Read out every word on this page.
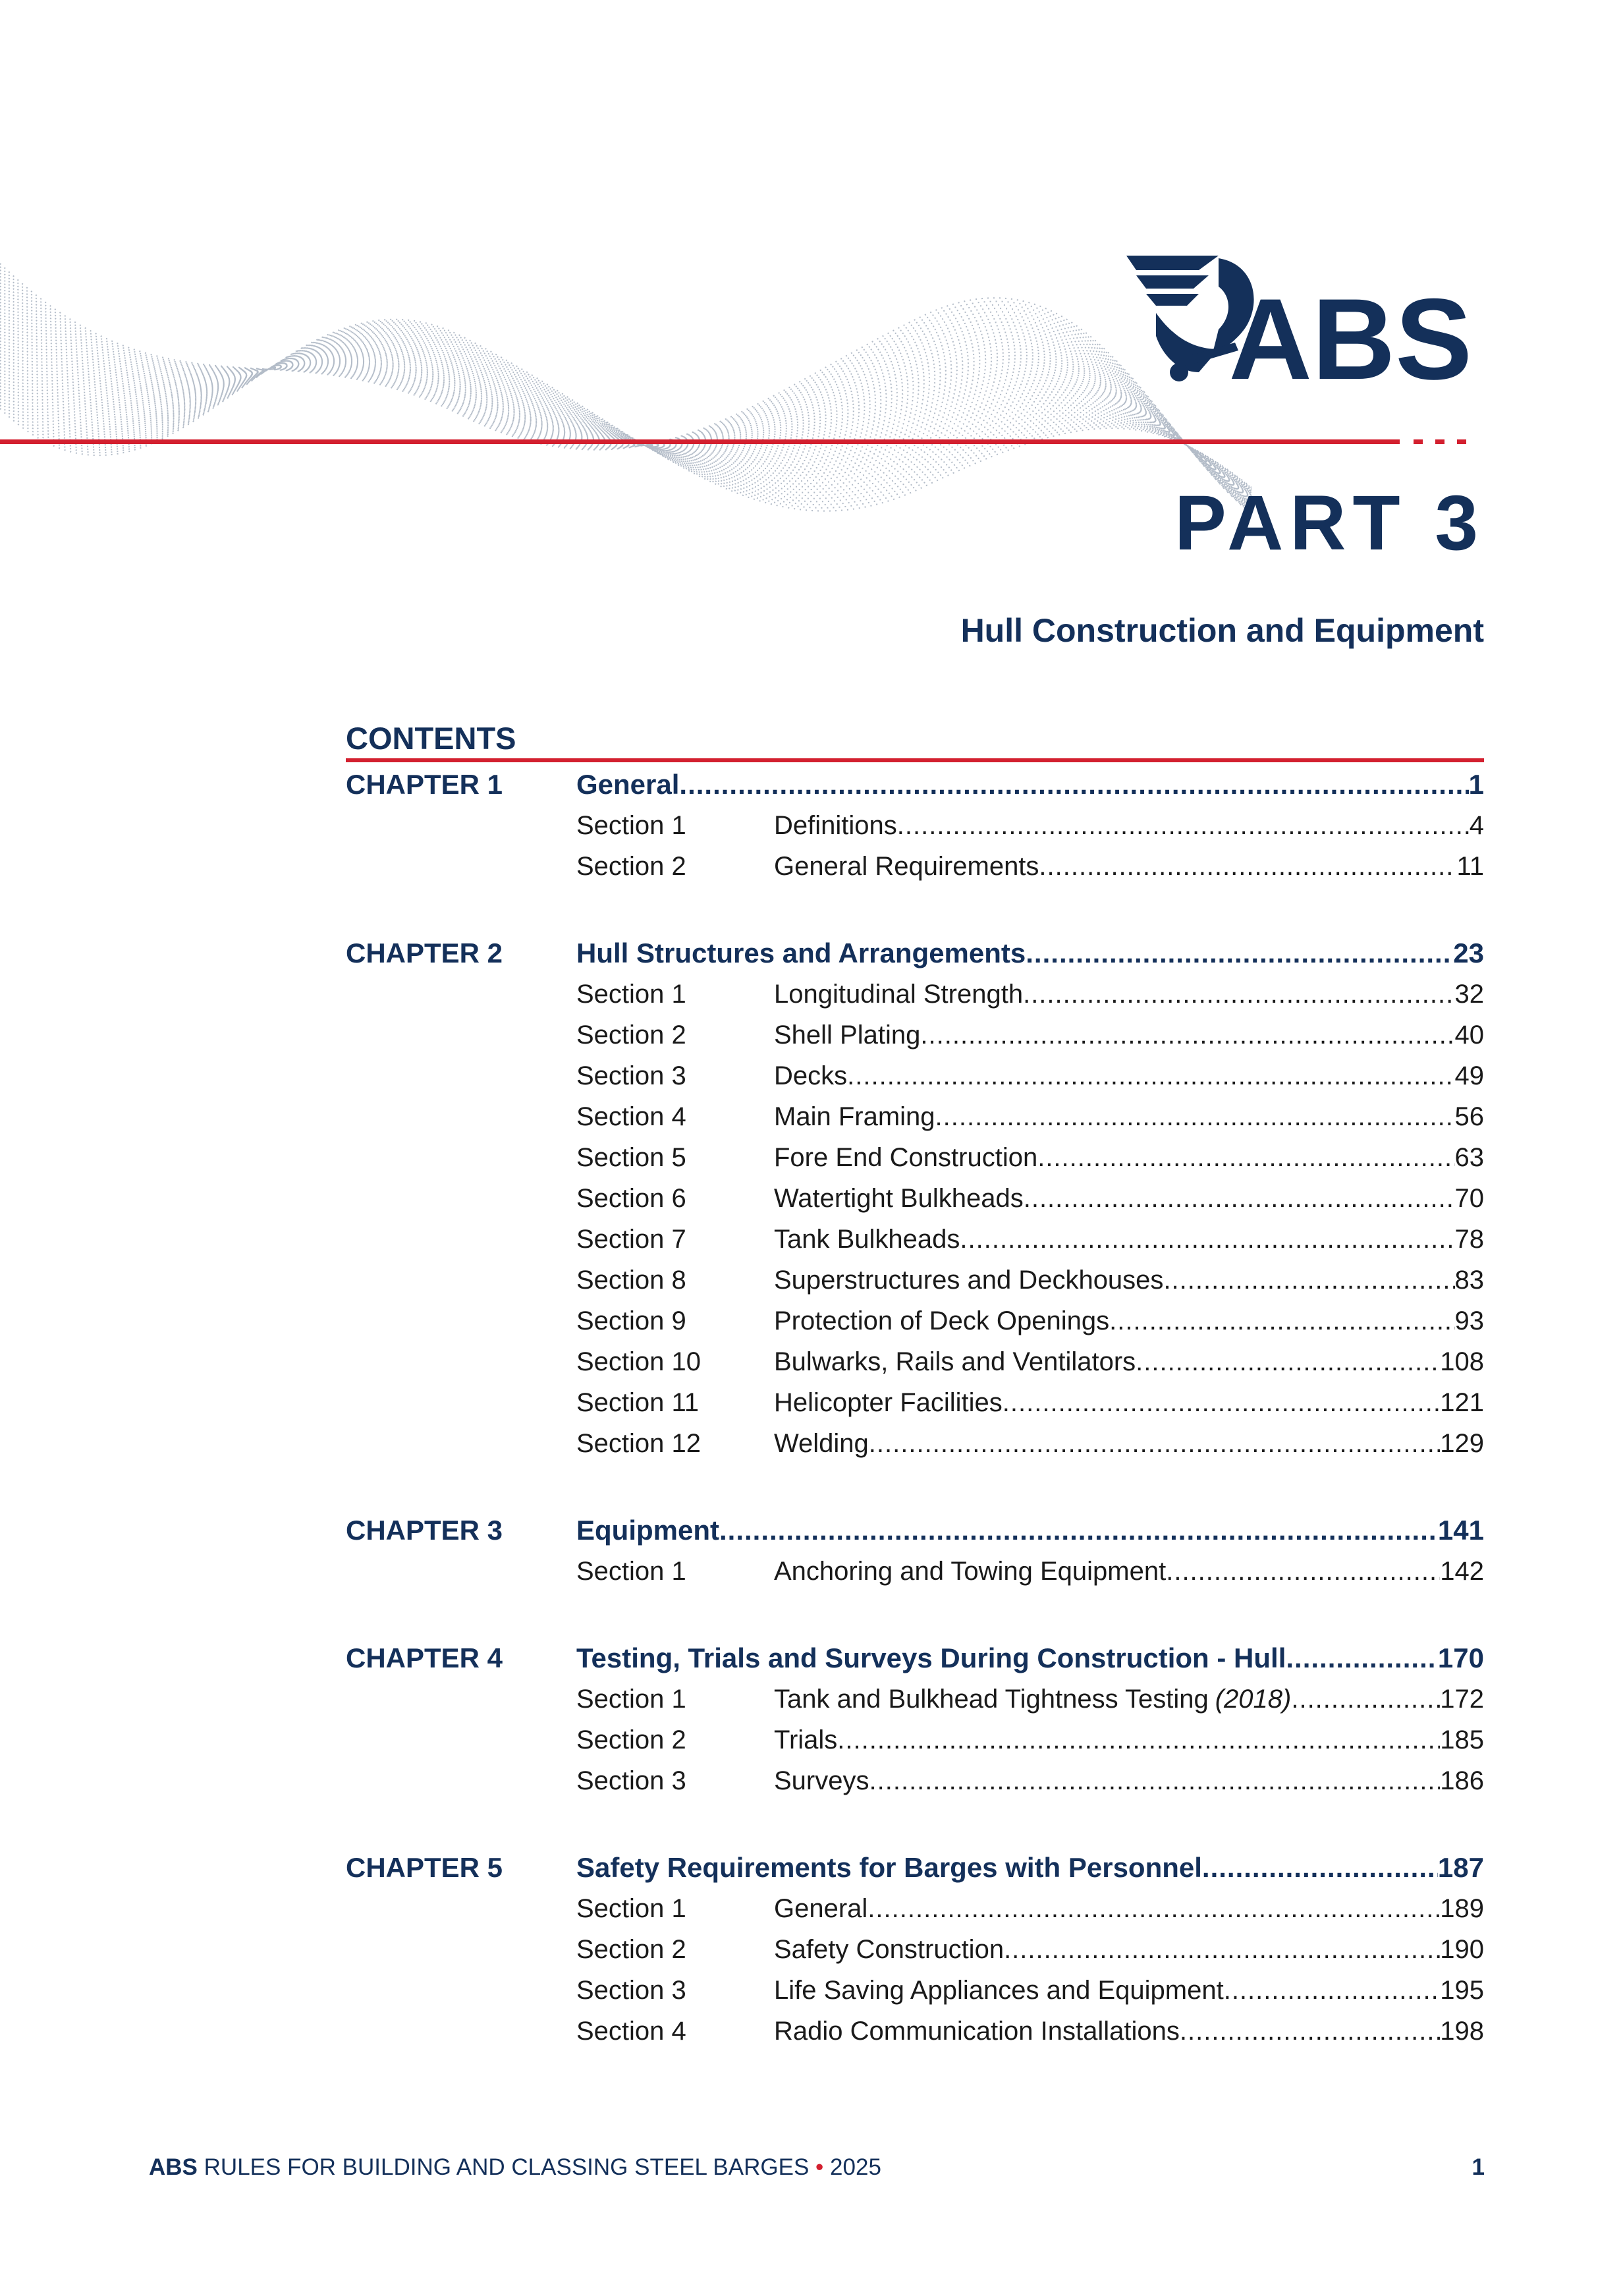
ABS
PART 3
Hull Construction and Equipment
CONTENTS
CHAPTER 1	General .....	1
Section 1	Definitions .....	4
Section 2	General Requirements .....	11
CHAPTER 2	Hull Structures and Arrangements .....	23
Section 1	Longitudinal Strength .....	32
Section 2	Shell Plating .....	40
Section 3	Decks .....	49
Section 4	Main Framing .....	56
Section 5	Fore End Construction .....	63
Section 6	Watertight Bulkheads .....	70
Section 7	Tank Bulkheads .....	78
Section 8	Superstructures and Deckhouses .....	83
Section 9	Protection of Deck Openings .....	93
Section 10	Bulwarks, Rails and Ventilators .....	108
Section 11	Helicopter Facilities .....	121
Section 12	Welding .....	129
CHAPTER 3	Equipment .....	141
Section 1	Anchoring and Towing Equipment .....	142
CHAPTER 4	Testing, Trials and Surveys During Construction - Hull .....	170
Section 1	Tank and Bulkhead Tightness Testing (2018) .....	172
Section 2	Trials .....	185
Section 3	Surveys .....	186
CHAPTER 5	Safety Requirements for Barges with Personnel .....	187
Section 1	General .....	189
Section 2	Safety Construction .....	190
Section 3	Life Saving Appliances and Equipment .....	195
Section 4	Radio Communication Installations .....	198
ABS RULES FOR BUILDING AND CLASSING STEEL BARGES • 2025	1
